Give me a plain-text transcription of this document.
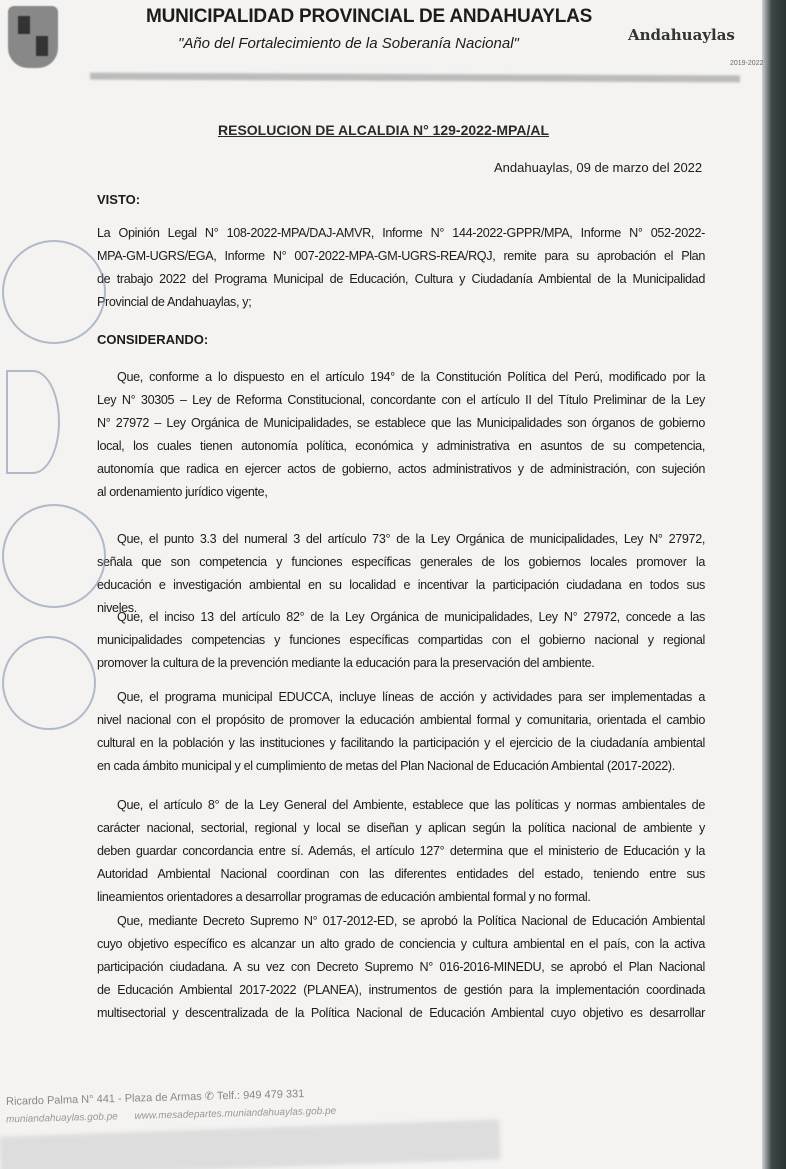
MUNICIPALIDAD PROVINCIAL DE ANDAHUAYLAS
"Año del Fortalecimiento de la Soberanía Nacional"	Andahuaylas
2019-2022
RESOLUCION DE ALCALDIA N° 129-2022-MPA/AL
Andahuaylas, 09 de marzo del 2022
VISTO:
La Opinión Legal N° 108-2022-MPA/DAJ-AMVR, Informe N° 144-2022-GPPR/MPA, Informe N° 052-2022-
MPA-GM-UGRS/EGA, Informe N° 007-2022-MPA-GM-UGRS-REA/RQJ, remite para su aprobación el Plan
de trabajo 2022 del Programa Municipal de Educación, Cultura y Ciudadanía Ambiental de la Municipalidad
Provincial de Andahuaylas, y;
CONSIDERANDO:
Que, conforme a lo dispuesto en el artículo 194° de la Constitución Política del Perú, modificado por la
Ley N° 30305 – Ley de Reforma Constitucional, concordante con el artículo II del Título Preliminar de la Ley
N° 27972 – Ley Orgánica de Municipalidades, se establece que las Municipalidades son órganos de gobierno
local, los cuales tienen autonomía política, económica y administrativa en asuntos de su competencia,
autonomía que radica en ejercer actos de gobierno, actos administrativos y de administración, con sujeción
al ordenamiento jurídico vigente,
Que, el punto 3.3 del numeral 3 del artículo 73° de la Ley Orgánica de municipalidades, Ley N° 27972,
señala que son competencia y funciones específicas generales de los gobiernos locales promover la
educación e investigación ambiental en su localidad e incentivar la participación ciudadana en todos sus
niveles.
Que, el inciso 13 del artículo 82° de la Ley Orgánica de municipalidades, Ley N° 27972, concede a las
municipalidades competencias y funciones específicas compartidas con el gobierno nacional y regional
promover la cultura de la prevención mediante la educación para la preservación del ambiente.
Que, el programa municipal EDUCCA, incluye líneas de acción y actividades para ser implementadas a
nivel nacional con el propósito de promover la educación ambiental formal y comunitaria, orientada el cambio
cultural en la población y las instituciones y facilitando la participación y el ejercicio de la ciudadanía ambiental
en cada ámbito municipal y el cumplimiento de metas del Plan Nacional de Educación Ambiental (2017-2022).
Que, el artículo 8° de la Ley General del Ambiente, establece que las políticas y normas ambientales de
carácter nacional, sectorial, regional y local se diseñan y aplican según la política nacional de ambiente y
deben guardar concordancia entre sí. Además, el artículo 127° determina que el ministerio de Educación y la
Autoridad Ambiental Nacional coordinan con las diferentes entidades del estado, teniendo entre sus
lineamientos orientadores a desarrollar programas de educación ambiental formal y no formal.
Que, mediante Decreto Supremo N° 017-2012-ED, se aprobó la Política Nacional de Educación Ambiental
cuyo objetivo específico es alcanzar un alto grado de conciencia y cultura ambiental en el país, con la activa
participación ciudadana. A su vez con Decreto Supremo N° 016-2016-MINEDU, se aprobó el Plan Nacional
de Educación Ambiental 2017-2022 (PLANEA), instrumentos de gestión para la implementación coordinada
multisectorial y descentralizada de la Política Nacional de Educación Ambiental cuyo objetivo es desarrollar
Ricardo Palma N° 441 - Plaza de Armas ✆ Telf.: 949 479 331
muniandahuaylas.gob.pe www.mesadepartes.muniandahuaylas.gob.pe
